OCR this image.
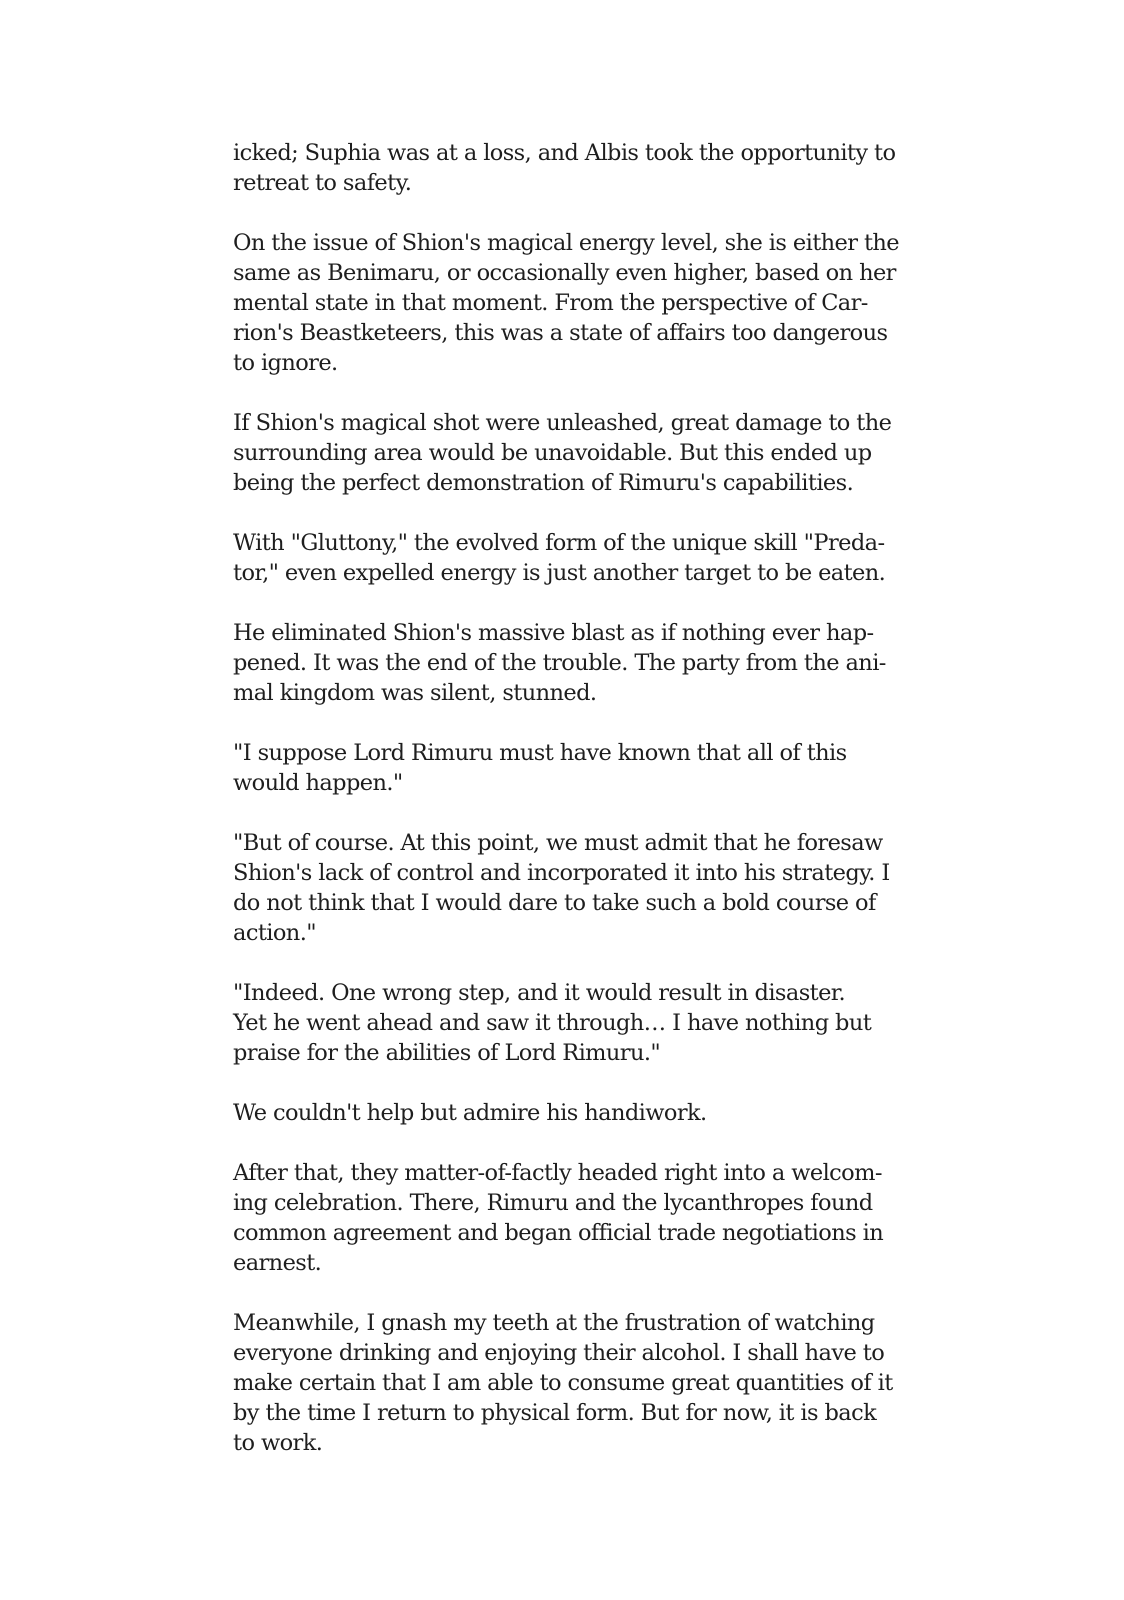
icked; Suphia was at a loss, and Albis took the opportunity to
retreat to safety.

On the issue of Shion's magical energy level, she is either the
same as Benimaru, or occasionally even higher, based on her
mental state in that moment. From the perspective of Car-
rion's Beastketeers, this was a state of affairs too dangerous
to ignore.

If Shion's magical shot were unleashed, great damage to the
surrounding area would be unavoidable. But this ended up
being the perfect demonstration of Rimuru's capabilities.

With "Gluttony," the evolved form of the unique skill "Preda-
tor," even expelled energy is just another target to be eaten.

He eliminated Shion's massive blast as if nothing ever hap-
pened. It was the end of the trouble. The party from the ani-
mal kingdom was silent, stunned.

"I suppose Lord Rimuru must have known that all of this
would happen."

"But of course. At this point, we must admit that he foresaw
Shion's lack of control and incorporated it into his strategy. I
do not think that I would dare to take such a bold course of
action."

"Indeed. One wrong step, and it would result in disaster.
Yet he went ahead and saw it through… I have nothing but
praise for the abilities of Lord Rimuru."

We couldn't help but admire his handiwork.

After that, they matter-of-factly headed right into a welcom-
ing celebration. There, Rimuru and the lycanthropes found
common agreement and began official trade negotiations in
earnest.

Meanwhile, I gnash my teeth at the frustration of watching
everyone drinking and enjoying their alcohol. I shall have to
make certain that I am able to consume great quantities of it
by the time I return to physical form. But for now, it is back
to work.
